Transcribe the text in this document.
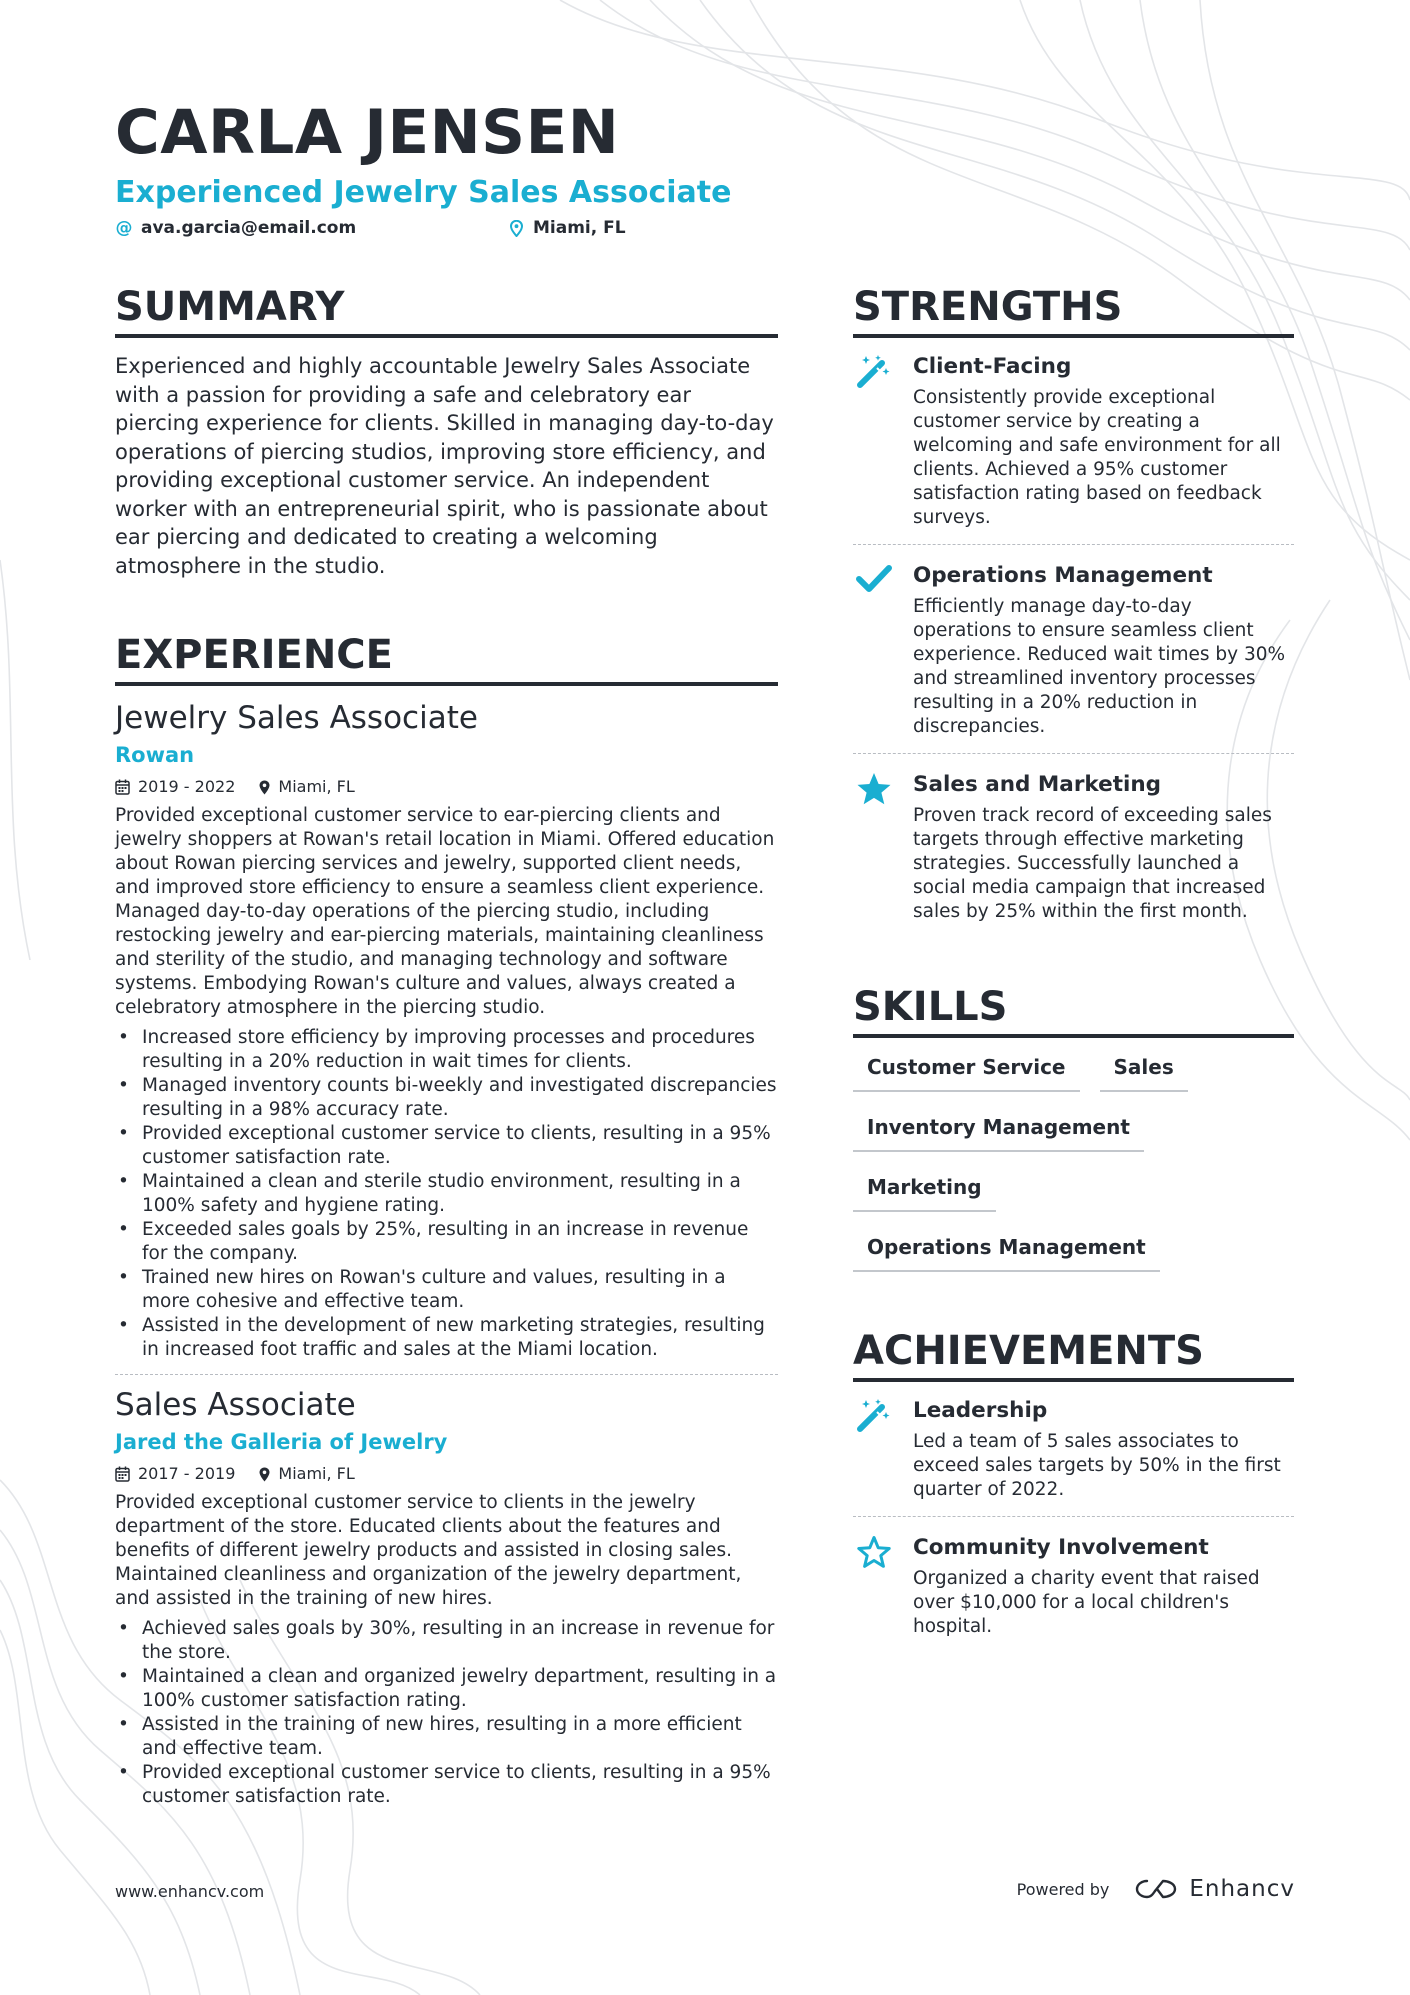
CARLA JENSEN
Experienced Jewelry Sales Associate
@ ava.garcia@email.com	Miami, FL
SUMMARY

Experienced and highly accountable Jewelry Sales Associate with a passion for providing a safe and celebratory ear piercing experience for clients. Skilled in managing day-to-day operations of piercing studios, improving store efficiency, and providing exceptional customer service. An independent worker with an entrepreneurial spirit, who is passionate about ear piercing and dedicated to creating a welcoming atmosphere in the studio.

EXPERIENCE
Jewelry Sales Associate
Rowan
2019 - 2022	Miami, FL

Provided exceptional customer service to ear-piercing clients and jewelry shoppers at Rowan's retail location in Miami. Offered education about Rowan piercing services and jewelry, supported client needs, and improved store efficiency to ensure a seamless client experience. Managed day-to-day operations of the piercing studio, including restocking jewelry and ear-piercing materials, maintaining cleanliness and sterility of the studio, and managing technology and software systems. Embodying Rowan's culture and values, always created a celebratory atmosphere in the piercing studio.

• Increased store efficiency by improving processes and procedures resulting in a 20% reduction in wait times for clients.
• Managed inventory counts bi-weekly and investigated discrepancies resulting in a 98% accuracy rate.
• Provided exceptional customer service to clients, resulting in a 95% customer satisfaction rate.
• Maintained a clean and sterile studio environment, resulting in a 100% safety and hygiene rating.
• Exceeded sales goals by 25%, resulting in an increase in revenue for the company.
• Trained new hires on Rowan's culture and values, resulting in a more cohesive and effective team.
• Assisted in the development of new marketing strategies, resulting in increased foot traffic and sales at the Miami location.
Sales Associate
Jared the Galleria of Jewelry
2017 - 2019	Miami, FL

Provided exceptional customer service to clients in the jewelry department of the store. Educated clients about the features and benefits of different jewelry products and assisted in closing sales. Maintained cleanliness and organization of the jewelry department, and assisted in the training of new hires.

• Achieved sales goals by 30%, resulting in an increase in revenue for the store.
• Maintained a clean and organized jewelry department, resulting in a 100% customer satisfaction rating.
• Assisted in the training of new hires, resulting in a more efficient and effective team.
• Provided exceptional customer service to clients, resulting in a 95% customer satisfaction rate.
STRENGTHS
Client-Facing
Consistently provide exceptional customer service by creating a welcoming and safe environment for all clients. Achieved a 95% customer satisfaction rating based on feedback surveys.
Operations Management
Efficiently manage day-to-day operations to ensure seamless client experience. Reduced wait times by 30% and streamlined inventory processes resulting in a 20% reduction in discrepancies.
Sales and Marketing
Proven track record of exceeding sales targets through effective marketing strategies. Successfully launched a social media campaign that increased sales by 25% within the first month.
SKILLS
Customer Service	Sales
Inventory Management
Marketing
Operations Management
ACHIEVEMENTS
Leadership
Led a team of 5 sales associates to exceed sales targets by 50% in the first quarter of 2022.
Community Involvement
Organized a charity event that raised over $10,000 for a local children's hospital.
www.enhancv.com	Powered by	Enhancv
